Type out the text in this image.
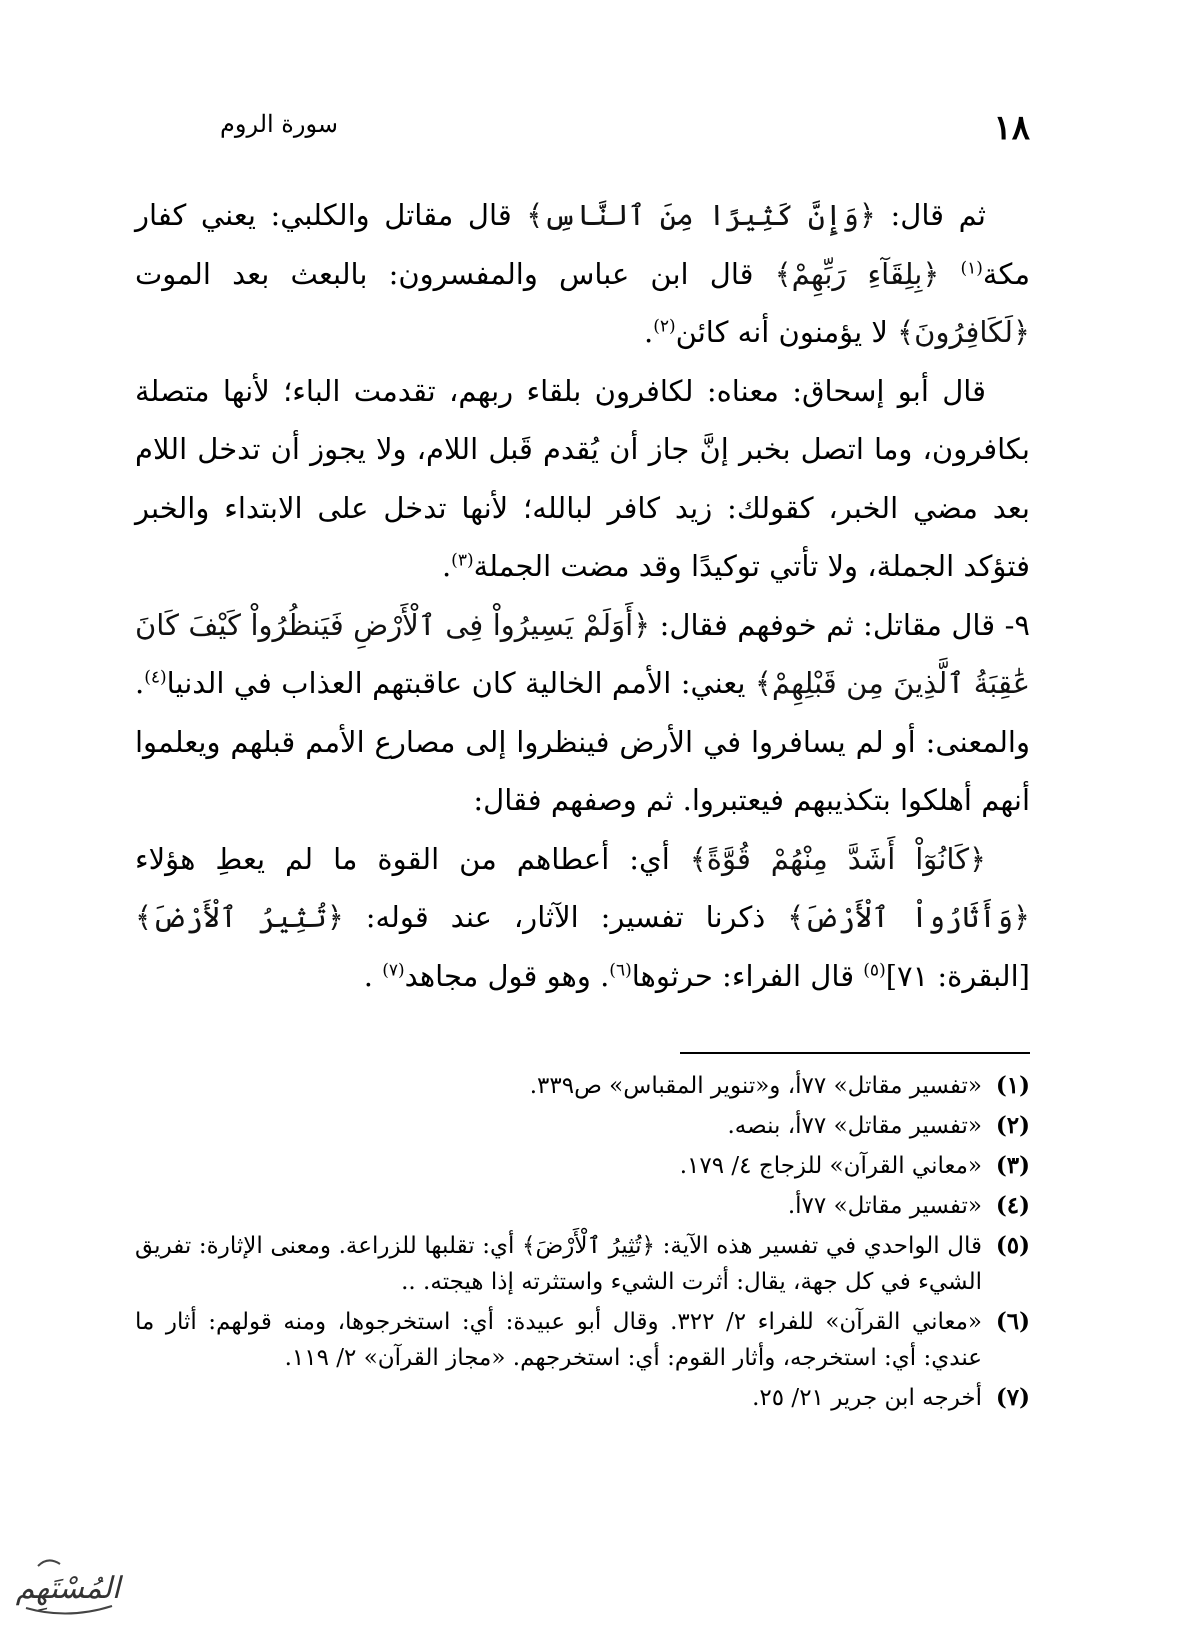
١٨
سورة الروم

ثم قال: ﴿وَإِنَّ كَثِيرًا مِنَ ٱلنَّاسِ﴾ قال مقاتل والكلبي: يعني كفار مكة$^{(١)}$ ﴿بِلِقَآءِ رَبِّهِمْ﴾ قال ابن عباس والمفسرون: بالبعث بعد الموت ﴿لَكَافِرُونَ﴾ لا يؤمنون أنه كائن$^{(٢)}$.

قال أبو إسحاق: معناه: لكافرون بلقاء ربهم، تقدمت الباء؛ لأنها متصلة بكافرون، وما اتصل بخبر إنَّ جاز أن يُقدم قَبل اللام، ولا يجوز أن تدخل اللام بعد مضي الخبر، كقولك: زيد كافر لبالله؛ لأنها تدخل على الابتداء والخبر فتؤكد الجملة، ولا تأتي توكيدًا وقد مضت الجملة$^{(٣)}$.

٩- قال مقاتل: ثم خوفهم فقال: ﴿أَوَلَمْ يَسِيرُواْ فِى ٱلْأَرْضِ فَيَنظُرُواْ كَيْفَ كَانَ عَٰقِبَةُ ٱلَّذِينَ مِن قَبْلِهِمْ﴾ يعني: الأمم الخالية كان عاقبتهم العذاب في الدنيا$^{(٤)}$. والمعنى: أو لم يسافروا في الأرض فينظروا إلى مصارع الأمم قبلهم ويعلموا أنهم أهلكوا بتكذيبهم فيعتبروا. ثم وصفهم فقال:

﴿كَانُوٓاْ أَشَدَّ مِنْهُمْ قُوَّةً﴾ أي: أعطاهم من القوة ما لم يعطِ هؤلاء ﴿وَأَثَارُواْ ٱلْأَرْضَ﴾ ذكرنا تفسير: الآثار، عند قوله: ﴿تُثِيرُ ٱلْأَرْضَ﴾ [البقرة: ٧١]$^{(٥)}$ قال الفراء: حرثوها$^{(٦)}$. وهو قول مجاهد$^{(٧)}$ .

(١)
«تفسير مقاتل» ٧٧أ، و«تنوير المقباس» ص٣٣٩.
(٢)
«تفسير مقاتل» ٧٧أ، بنصه.
(٣)
«معاني القرآن» للزجاج ٤/ ١٧٩.
(٤)
«تفسير مقاتل» ٧٧أ.
(٥)
قال الواحدي في تفسير هذه الآية: ﴿تُثِيرُ ٱلْأَرْضَ﴾ أي: تقلبها للزراعة. ومعنى الإثارة: تفريق الشيء في كل جهة، يقال: أثرت الشيء واستثرته إذا هيجته. ..
(٦)
«معاني القرآن» للفراء ٢/ ٣٢٢. وقال أبو عبيدة: أي: استخرجوها، ومنه قولهم: أثار ما عندي: أي: استخرجه، وأثار القوم: أي: استخرجهم. «مجاز القرآن» ٢/ ١١٩.
(٧)
أخرجه ابن جرير ٢١/ ٢٥.
المُسْتَهِم
